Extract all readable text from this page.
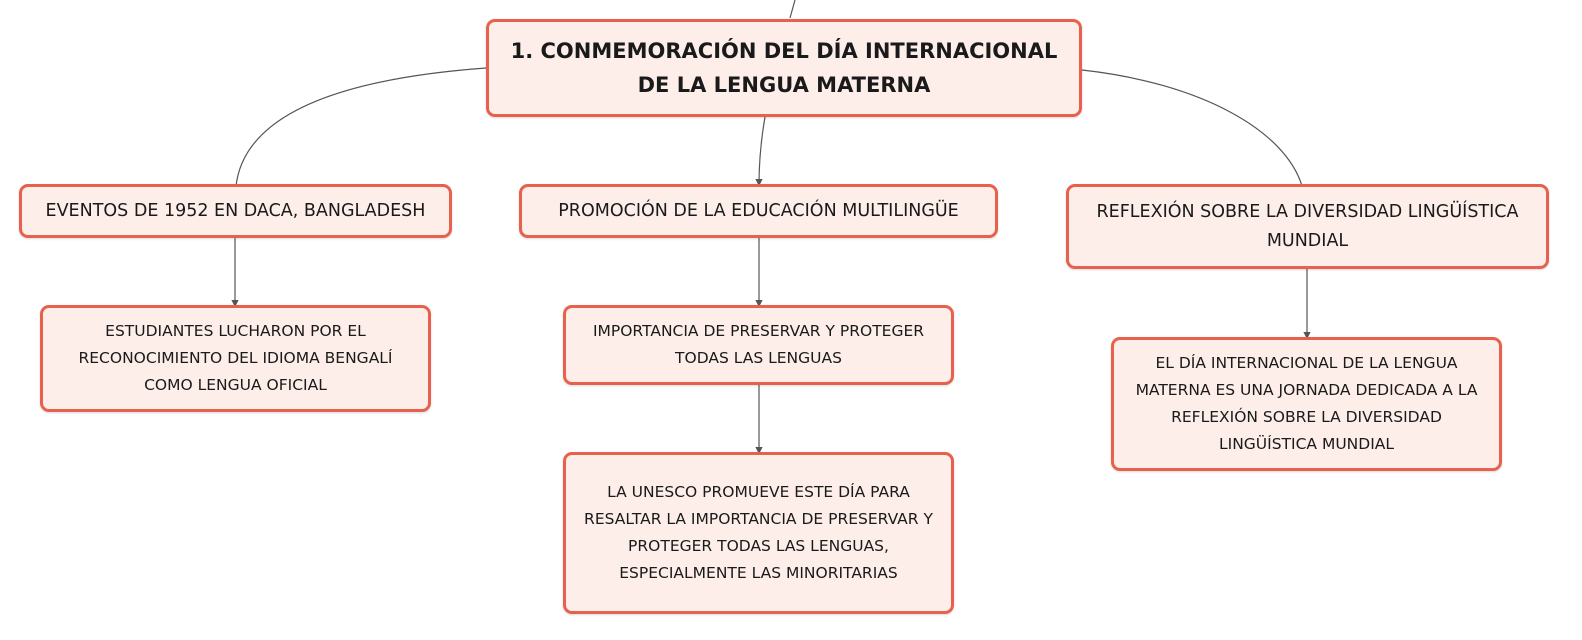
1. CONMEMORACIÓN DEL DÍA INTERNACIONAL DE LA LENGUA MATERNA
EVENTOS DE 1952 EN DACA, BANGLADESH	PROMOCIÓN DE LA EDUCACIÓN MULTILINGÜE	REFLEXIÓN SOBRE LA DIVERSIDAD LINGÜÍSTICA MUNDIAL
ESTUDIANTES LUCHARON POR EL RECONOCIMIENTO DEL IDIOMA BENGALÍ COMO LENGUA OFICIAL
IMPORTANCIA DE PRESERVAR Y PROTEGER TODAS LAS LENGUAS
LA UNESCO PROMUEVE ESTE DÍA PARA RESALTAR LA IMPORTANCIA DE PRESERVAR Y PROTEGER TODAS LAS LENGUAS, ESPECIALMENTE LAS MINORITARIAS
EL DÍA INTERNACIONAL DE LA LENGUA MATERNA ES UNA JORNADA DEDICADA A LA REFLEXIÓN SOBRE LA DIVERSIDAD LINGÜÍSTICA MUNDIAL
